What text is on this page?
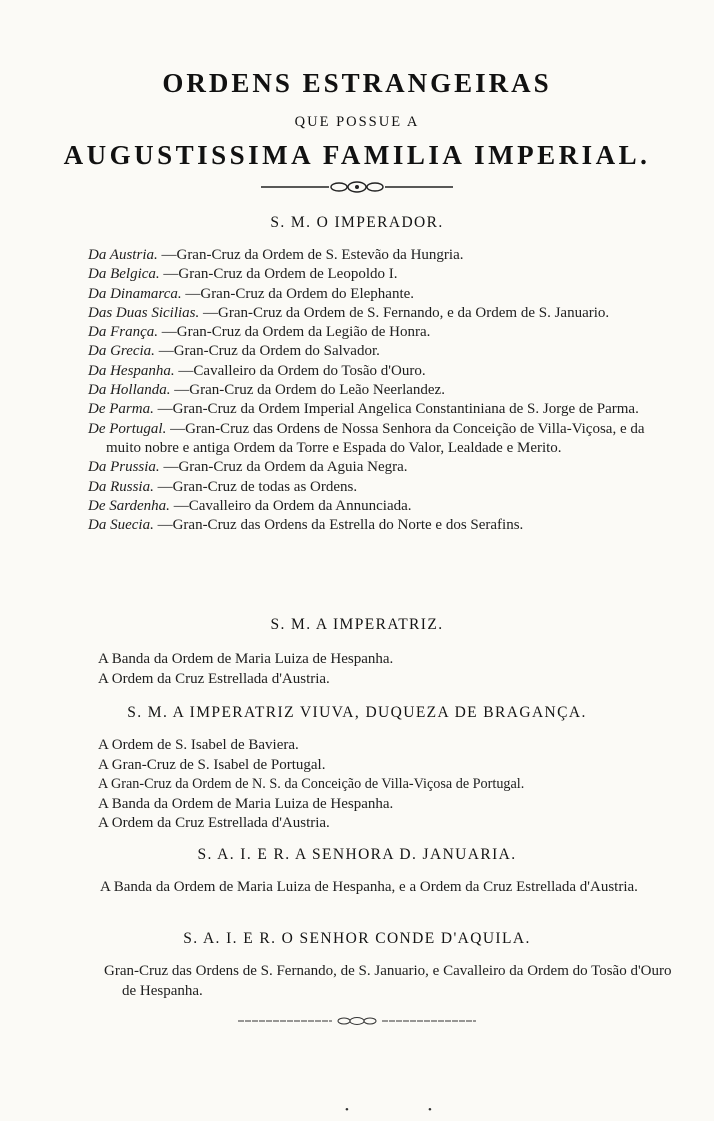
ORDENS ESTRANGEIRAS
QUE POSSUE A
AUGUSTISSIMA FAMILIA IMPERIAL.
S. M. O IMPERADOR.
Da Austria. —Gran-Cruz da Ordem de S. Estevão da Hungria.
Da Belgica. —Gran-Cruz da Ordem de Leopoldo I.
Da Dinamarca. —Gran-Cruz da Ordem do Elephante.
Das Duas Sicilias. —Gran-Cruz da Ordem de S. Fernando, e da Ordem de S. Januario.
Da França. —Gran-Cruz da Ordem da Legião de Honra.
Da Grecia. —Gran-Cruz da Ordem do Salvador.
Da Hespanha. —Cavalleiro da Ordem do Tosão d'Ouro.
Da Hollanda. —Gran-Cruz da Ordem do Leão Neerlandez.
De Parma. —Gran-Cruz da Ordem Imperial Angelica Constantiniana de S. Jorge de Parma.
De Portugal. —Gran-Cruz das Ordens de Nossa Senhora da Conceição de Villa-Viçosa, e da muito nobre e antiga Ordem da Torre e Espada do Valor, Lealdade e Merito.
Da Prussia. —Gran-Cruz da Ordem da Aguia Negra.
Da Russia. —Gran-Cruz de todas as Ordens.
De Sardenha. —Cavalleiro da Ordem da Annunciada.
Da Suecia. —Gran-Cruz das Ordens da Estrella do Norte e dos Serafins.
S. M. A IMPERATRIZ.
A Banda da Ordem de Maria Luiza de Hespanha.
A Ordem da Cruz Estrellada d'Austria.
S. M. A IMPERATRIZ VIUVA, DUQUEZA DE BRAGANÇA.
A Ordem de S. Isabel de Baviera.
A Gran-Cruz de S. Isabel de Portugal.
A Gran-Cruz da Ordem de N. S. da Conceição de Villa-Viçosa de Portugal.
A Banda da Ordem de Maria Luiza de Hespanha.
A Ordem da Cruz Estrellada d'Austria.
S. A. I. E R. A SENHORA D. JANUARIA.
A Banda da Ordem de Maria Luiza de Hespanha, e a Ordem da Cruz Estrellada d'Austria.
S. A. I. E R. O SENHOR CONDE D'AQUILA.
Gran-Cruz das Ordens de S. Fernando, de S. Januario, e Cavalleiro da Ordem do Tosão d'Ouro de Hespanha.
•	•
